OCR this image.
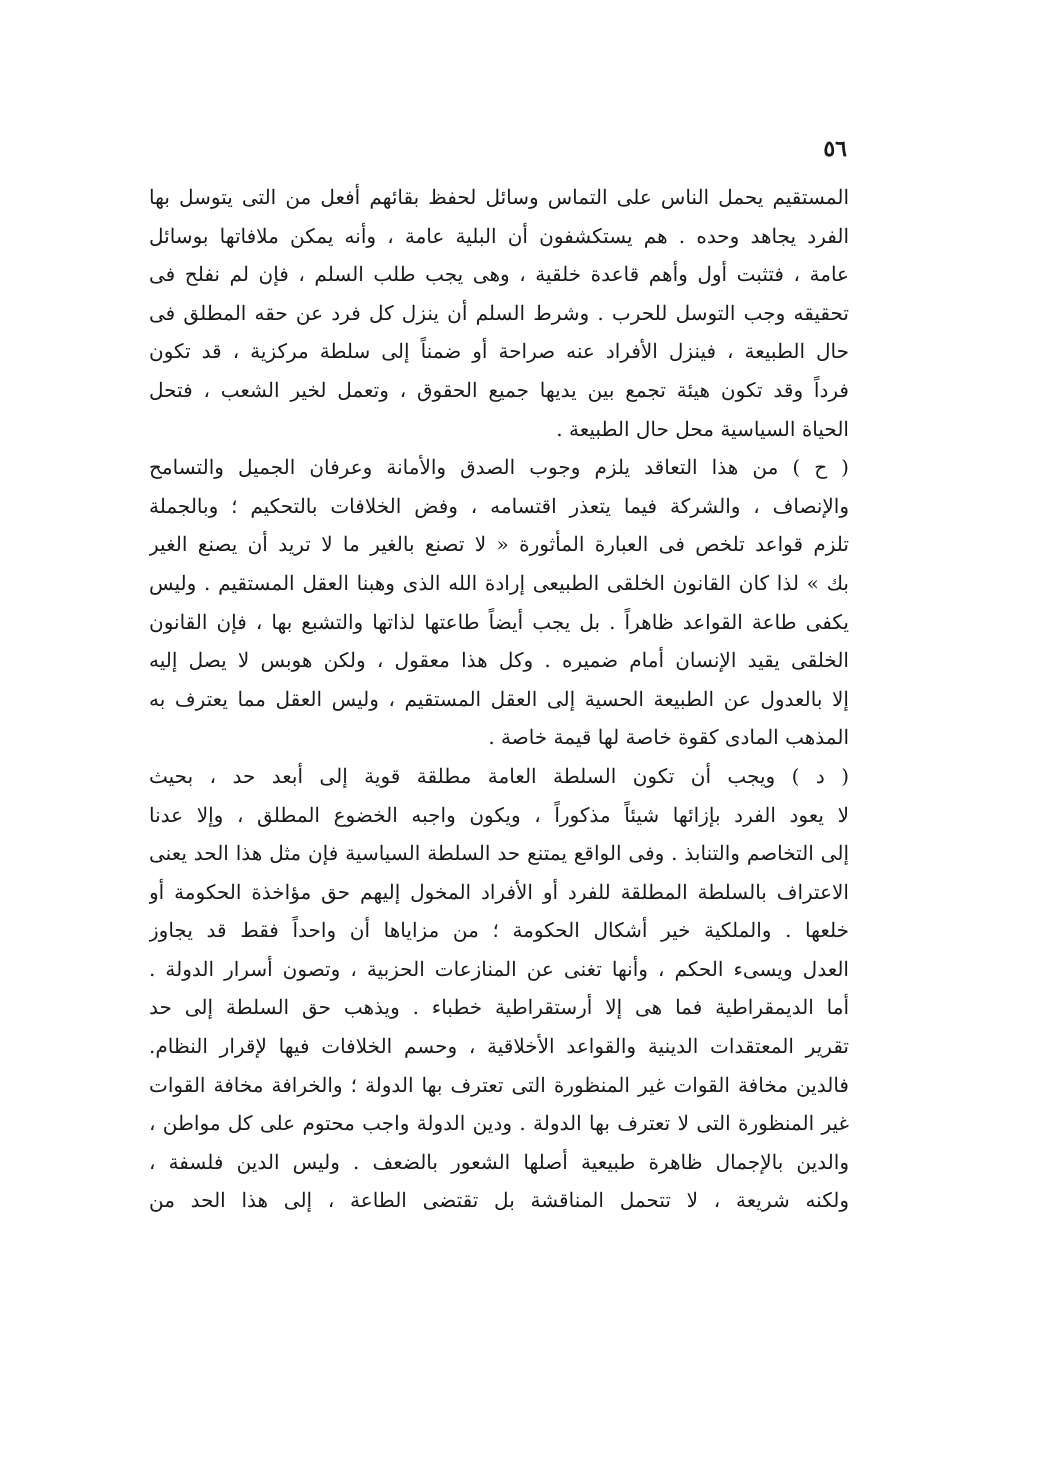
٥٦
المستقيم يحمل الناس على التماس وسائل لحفظ بقائهم أفعل من التى يتوسل بها
الفرد يجاهد وحده . هم يستكشفون أن البلية عامة ، وأنه يمكن ملافاتها بوسائل
عامة ، فتثبت أول وأهم قاعدة خلقية ، وهى يجب طلب السلم ، فإن لم نفلح فى
تحقيقه وجب التوسل للحرب . وشرط السلم أن ينزل كل فرد عن حقه المطلق فى
حال الطبيعة ، فينزل الأفراد عنه صراحة أو ضمناً إلى سلطة مركزية ، قد تكون
فرداً وقد تكون هيئة تجمع بين يديها جميع الحقوق ، وتعمل لخير الشعب ، فتحل
الحياة السياسية محل حال الطبيعة .
( ح ) من هذا التعاقد يلزم وجوب الصدق والأمانة وعرفان الجميل والتسامح
والإنصاف ، والشركة فيما يتعذر اقتسامه ، وفض الخلافات بالتحكيم ؛ وبالجملة
تلزم قواعد تلخص فى العبارة المأثورة « لا تصنع بالغير ما لا تريد أن يصنع الغير
بك » لذا كان القانون الخلقى الطبيعى إرادة الله الذى وهبنا العقل المستقيم . وليس
يكفى طاعة القواعد ظاهراً . بل يجب أيضاً طاعتها لذاتها والتشبع بها ، فإن القانون
الخلقى يقيد الإنسان أمام ضميره . وكل هذا معقول ، ولكن هوبس لا يصل إليه
إلا بالعدول عن الطبيعة الحسية إلى العقل المستقيم ، وليس العقل مما يعترف به
المذهب المادى كقوة خاصة لها قيمة خاصة .
( د ) ويجب أن تكون السلطة العامة مطلقة قوية إلى أبعد حد ، بحيث
لا يعود الفرد بإزائها شيئاً مذكوراً ، ويكون واجبه الخضوع المطلق ، وإلا عدنا
إلى التخاصم والتنابذ . وفى الواقع يمتنع حد السلطة السياسية فإن مثل هذا الحد يعنى
الاعتراف بالسلطة المطلقة للفرد أو الأفراد المخول إليهم حق مؤاخذة الحكومة أو
خلعها . والملكية خير أشكال الحكومة ؛ من مزاياها أن واحداً فقط قد يجاوز
العدل ويسىء الحكم ، وأنها تغنى عن المنازعات الحزبية ، وتصون أسرار الدولة .
أما الديمقراطية فما هى إلا أرستقراطية خطباء . ويذهب حق السلطة إلى حد
تقرير المعتقدات الدينية والقواعد الأخلاقية ، وحسم الخلافات فيها لإقرار النظام.
فالدين مخافة القوات غير المنظورة التى تعترف بها الدولة ؛ والخرافة مخافة القوات
غير المنظورة التى لا تعترف بها الدولة . ودين الدولة واجب محتوم على كل مواطن ،
والدين بالإجمال ظاهرة طبيعية أصلها الشعور بالضعف . وليس الدين فلسفة ،
ولكنه شريعة ، لا تتحمل المناقشة بل تقتضى الطاعة ، إلى هذا الحد من
